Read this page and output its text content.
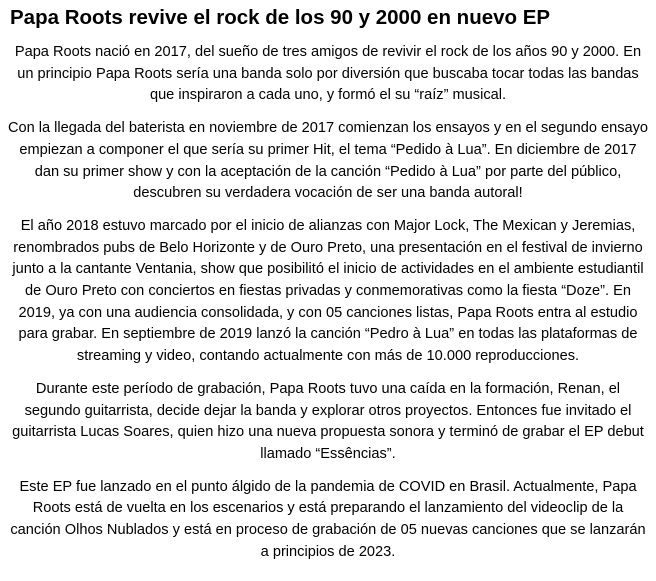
Papa Roots revive el rock de los 90 y 2000 en nuevo EP

Papa Roots nació en 2017, del sueño de tres amigos de revivir el rock de los años 90 y 2000. En un principio Papa Roots sería una banda solo por diversión que buscaba tocar todas las bandas que inspiraron a cada uno, y formó el su “raíz” musical.

Con la llegada del baterista en noviembre de 2017 comienzan los ensayos y en el segundo ensayo empiezan a componer el que sería su primer Hit, el tema “Pedido à Lua”. En diciembre de 2017 dan su primer show y con la aceptación de la canción “Pedido à Lua” por parte del público, descubren su verdadera vocación de ser una banda autoral!

El año 2018 estuvo marcado por el inicio de alianzas con Major Lock, The Mexican y Jeremias, renombrados pubs de Belo Horizonte y de Ouro Preto, una presentación en el festival de invierno junto a la cantante Ventania, show que posibilitó el inicio de actividades en el ambiente estudiantil de Ouro Preto con conciertos en fiestas privadas y conmemorativas como la fiesta “Doze”. En 2019, ya con una audiencia consolidada, y con 05 canciones listas, Papa Roots entra al estudio para grabar. En septiembre de 2019 lanzó la canción “Pedro à Lua” en todas las plataformas de streaming y video, contando actualmente con más de 10.000 reproducciones.

Durante este período de grabación, Papa Roots tuvo una caída en la formación, Renan, el segundo guitarrista, decide dejar la banda y explorar otros proyectos. Entonces fue invitado el guitarrista Lucas Soares, quien hizo una nueva propuesta sonora y terminó de grabar el EP debut llamado “Essências”.

Este EP fue lanzado en el punto álgido de la pandemia de COVID en Brasil. Actualmente, Papa Roots está de vuelta en los escenarios y está preparando el lanzamiento del videoclip de la canción Olhos Nublados y está en proceso de grabación de 05 nuevas canciones que se lanzarán a principios de 2023.
